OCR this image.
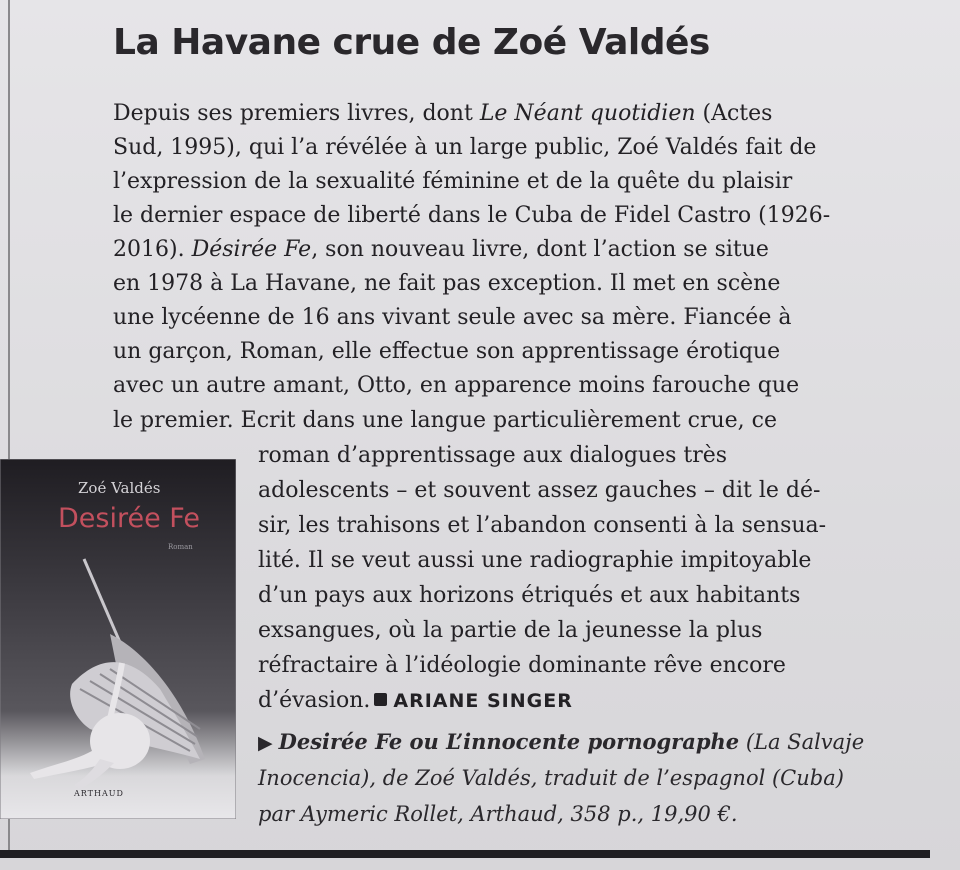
La Havane crue de Zoé Valdés

Depuis ses premiers livres, dont Le Néant quotidien (Actes

Sud, 1995), qui l’a révélée à un large public, Zoé Valdés fait de

l’expression de la sexualité féminine et de la quête du plaisir

le dernier espace de liberté dans le Cuba de Fidel Castro (1926-

2016). Désirée Fe, son nouveau livre, dont l’action se situe

en 1978 à La Havane, ne fait pas exception. Il met en scène

une lycéenne de 16 ans vivant seule avec sa mère. Fiancée à

un garçon, Roman, elle effectue son apprentissage érotique

avec un autre amant, Otto, en apparence moins farouche que

le premier. Ecrit dans une langue particulièrement crue, ce

roman d’apprentissage aux dialogues très

adolescents – et souvent assez gauches – dit le dé-

sir, les trahisons et l’abandon consenti à la sensua-

lité. Il se veut aussi une radiographie impitoyable

d’un pays aux horizons étriqués et aux habitants

exsangues, où la partie de la jeunesse la plus

réfractaire à l’idéologie dominante rêve encore

d’évasion. ARIANE SINGER

▶ Desirée Fe ou L’innocente pornographe (La Salvaje

Inocencia), de Zoé Valdés, traduit de l’espagnol (Cuba)

par Aymeric Rollet, Arthaud, 358 p., 19,90 €.

Zoé Valdés
Desirée Fe
Roman
ARTHAUD
